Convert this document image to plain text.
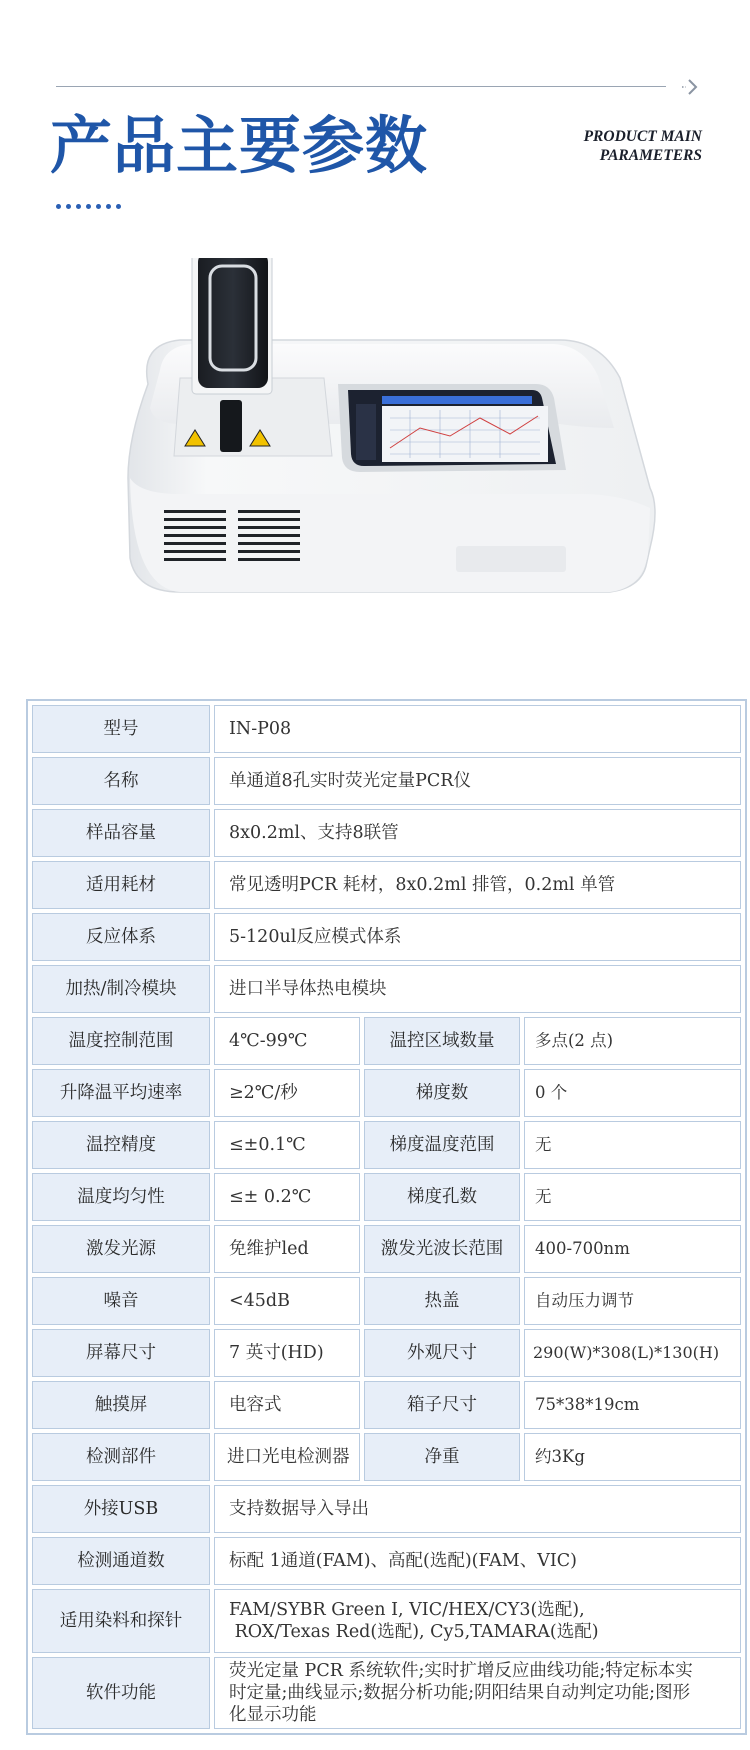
产品主要参数	PRODUCT MAIN
PARAMETERS
型号	IN-P08		
名称	单通道8孔实时荧光定量PCR仪		
样品容量	8x0.2ml、支持8联管		
适用耗材	常见透明PCR 耗材，8x0.2ml 排管，0.2ml 单管		
反应体系	5-120ul反应模式体系		
加热/制冷模块	进口半导体热电模块		
温度控制范围	4℃-99℃	温控区域数量	多点(2 点)
升降温平均速率	≥2℃/秒	梯度数	0 个
温控精度	≤±0.1℃	梯度温度范围	无
温度均匀性	≤± 0.2℃	梯度孔数	无
激发光源	免维护led	激发光波长范围	400-700nm
噪音	<45dB	热盖	自动压力调节
屏幕尺寸	7 英寸(HD)	外观尺寸	290(W)*308(L)*130(H)
触摸屏	电容式	箱子尺寸	75*38*19cm
检测部件	进口光电检测器	净重	约3Kg
外接USB	支持数据导入导出		
检测通道数	标配 1通道(FAM)、高配(选配)(FAM、VIC)		
适用染料和探针	FAM/SYBR Green I, VIC/HEX/CY3(选配),
ROX/Texas Red(选配), Cy5,TAMARA(选配)		

软件功能	荧光定量 PCR 系统软件;实时扩增反应曲线功能;特定标本实
时定量;曲线显示;数据分析功能;阴阳结果自动判定功能;图形
化显示功能		
